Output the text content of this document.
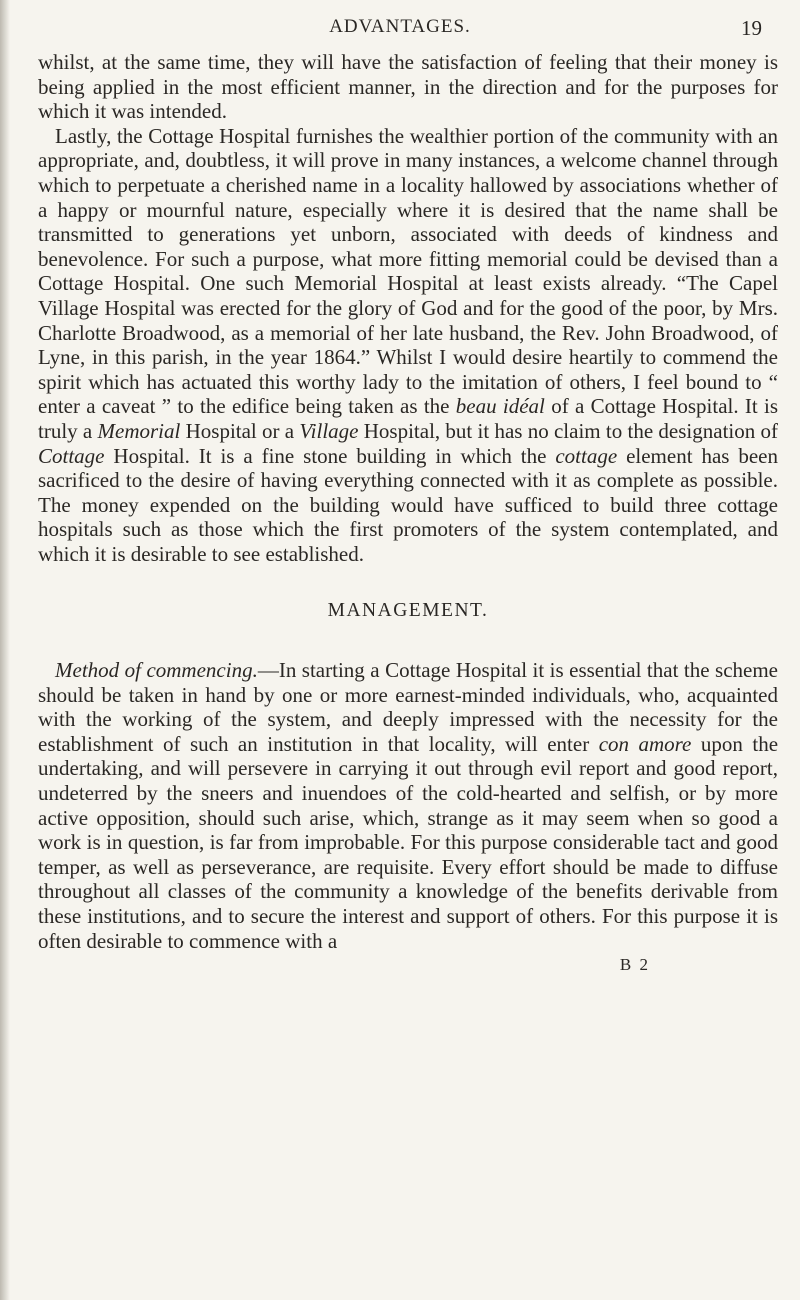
ADVANTAGES.	19

whilst, at the same time, they will have the satisfaction of feeling that their money is being applied in the most efficient manner, in the direction and for the purposes for which it was intended.

Lastly, the Cottage Hospital furnishes the wealthier portion of the community with an appropriate, and, doubtless, it will prove in many instances, a welcome channel through which to perpetuate a cherished name in a locality hallowed by associations whether of a happy or mournful nature, especially where it is desired that the name shall be transmitted to generations yet unborn, associated with deeds of kindness and benevolence. For such a purpose, what more fitting memorial could be devised than a Cottage Hospital. One such Memorial Hospital at least exists already. “The Capel Village Hospital was erected for the glory of God and for the good of the poor, by Mrs. Charlotte Broadwood, as a memorial of her late husband, the Rev. John Broadwood, of Lyne, in this parish, in the year 1864.” Whilst I would desire heartily to commend the spirit which has actuated this worthy lady to the imitation of others, I feel bound to “ enter a caveat ” to the edifice being taken as the beau idéal of a Cottage Hospital. It is truly a Memorial Hospital or a Village Hospital, but it has no claim to the designation of Cottage Hospital. It is a fine stone building in which the cottage element has been sacrificed to the desire of having everything connected with it as complete as possible. The money expended on the building would have sufficed to build three cottage hospitals such as those which the first promoters of the system contemplated, and which it is desirable to see established.

MANAGEMENT.

Method of commencing.—In starting a Cottage Hospital it is essential that the scheme should be taken in hand by one or more earnest-minded individuals, who, acquainted with the working of the system, and deeply impressed with the necessity for the establishment of such an institution in that locality, will enter con amore upon the undertaking, and will persevere in carrying it out through evil report and good report, undeterred by the sneers and inuendoes of the cold-hearted and selfish, or by more active opposition, should such arise, which, strange as it may seem when so good a work is in question, is far from improbable. For this purpose considerable tact and good temper, as well as perseverance, are requisite. Every effort should be made to diffuse throughout all classes of the community a knowledge of the benefits derivable from these institutions, and to secure the interest and support of others. For this purpose it is often desirable to commence with a

B 2
